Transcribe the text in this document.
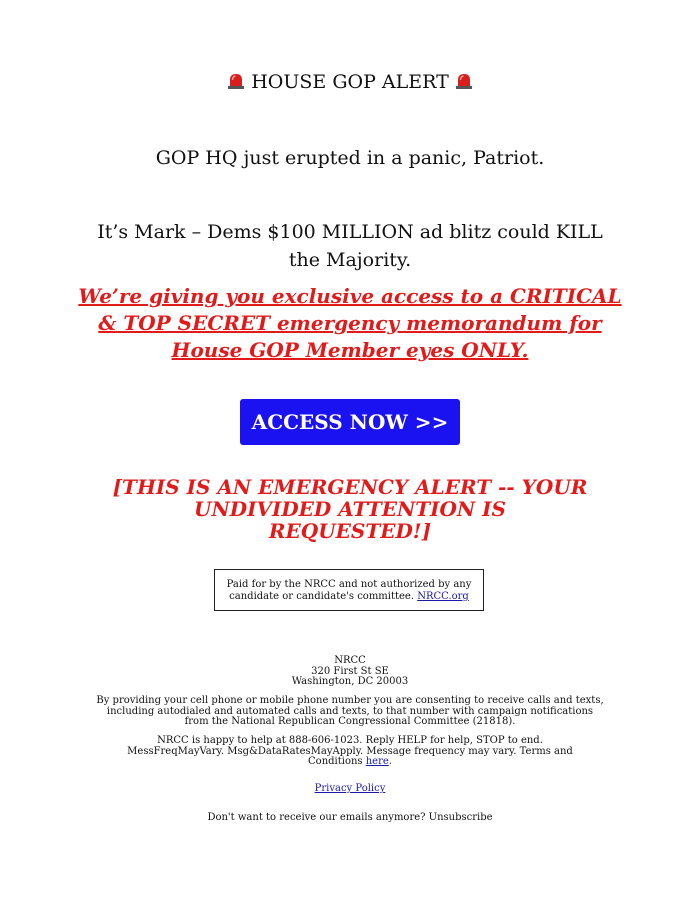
HOUSE GOP ALERT
GOP HQ just erupted in a panic, Patriot.
It’s Mark – Dems $100 MILLION ad blitz could KILL the Majority.
We’re giving you exclusive access to a CRITICAL & TOP SECRET emergency memorandum for House GOP Member eyes ONLY.
ACCESS NOW >>
[THIS IS AN EMERGENCY ALERT -- YOUR UNDIVIDED ATTENTION IS REQUESTED!]
Paid for by the NRCC and not authorized by any candidate or candidate's committee. NRCC.org
NRCC
320 First St SE
Washington, DC 20003
By providing your cell phone or mobile phone number you are consenting to receive calls and texts, including autodialed and automated calls and texts, to that number with campaign notifications from the National Republican Congressional Committee (21818).
NRCC is happy to help at 888-606-1023. Reply HELP for help, STOP to end. MessFreqMayVary. Msg&DataRatesMayApply. Message frequency may vary. Terms and Conditions here.
Privacy Policy
Don't want to receive our emails anymore? Unsubscribe
